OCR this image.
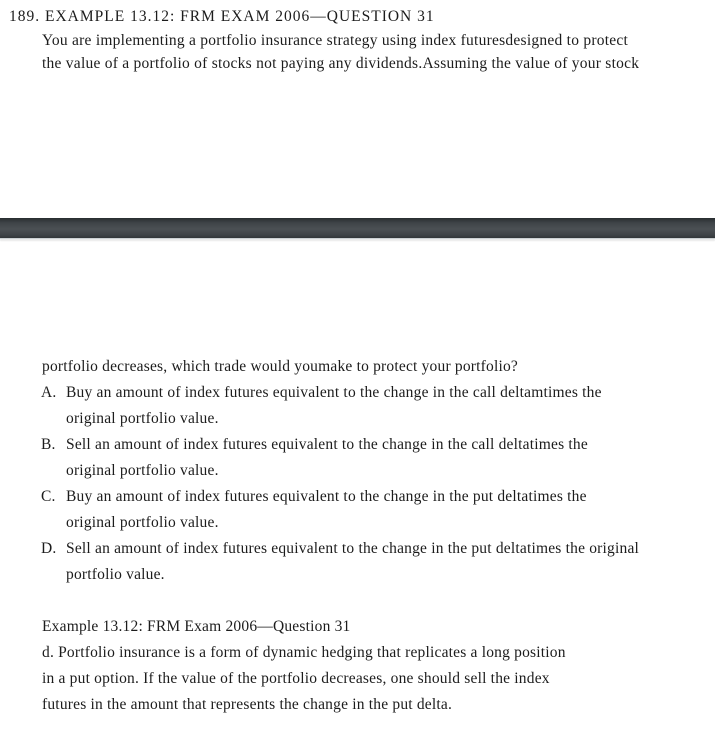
189. EXAMPLE 13.12: FRM EXAM 2006—QUESTION 31
You are implementing a portfolio insurance strategy using index futuresdesigned to protect
the value of a portfolio of stocks not paying any dividends.Assuming the value of your stock
portfolio decreases, which trade would youmake to protect your portfolio?
A. Buy an amount of index futures equivalent to the change in the call deltamtimes the
original portfolio value.
B. Sell an amount of index futures equivalent to the change in the call deltatimes the
original portfolio value.
C. Buy an amount of index futures equivalent to the change in the put deltatimes the
original portfolio value.
D. Sell an amount of index futures equivalent to the change in the put deltatimes the original
portfolio value.
Example 13.12: FRM Exam 2006—Question 31
d. Portfolio insurance is a form of dynamic hedging that replicates a long position
in a put option. If the value of the portfolio decreases, one should sell the index
futures in the amount that represents the change in the put delta.
